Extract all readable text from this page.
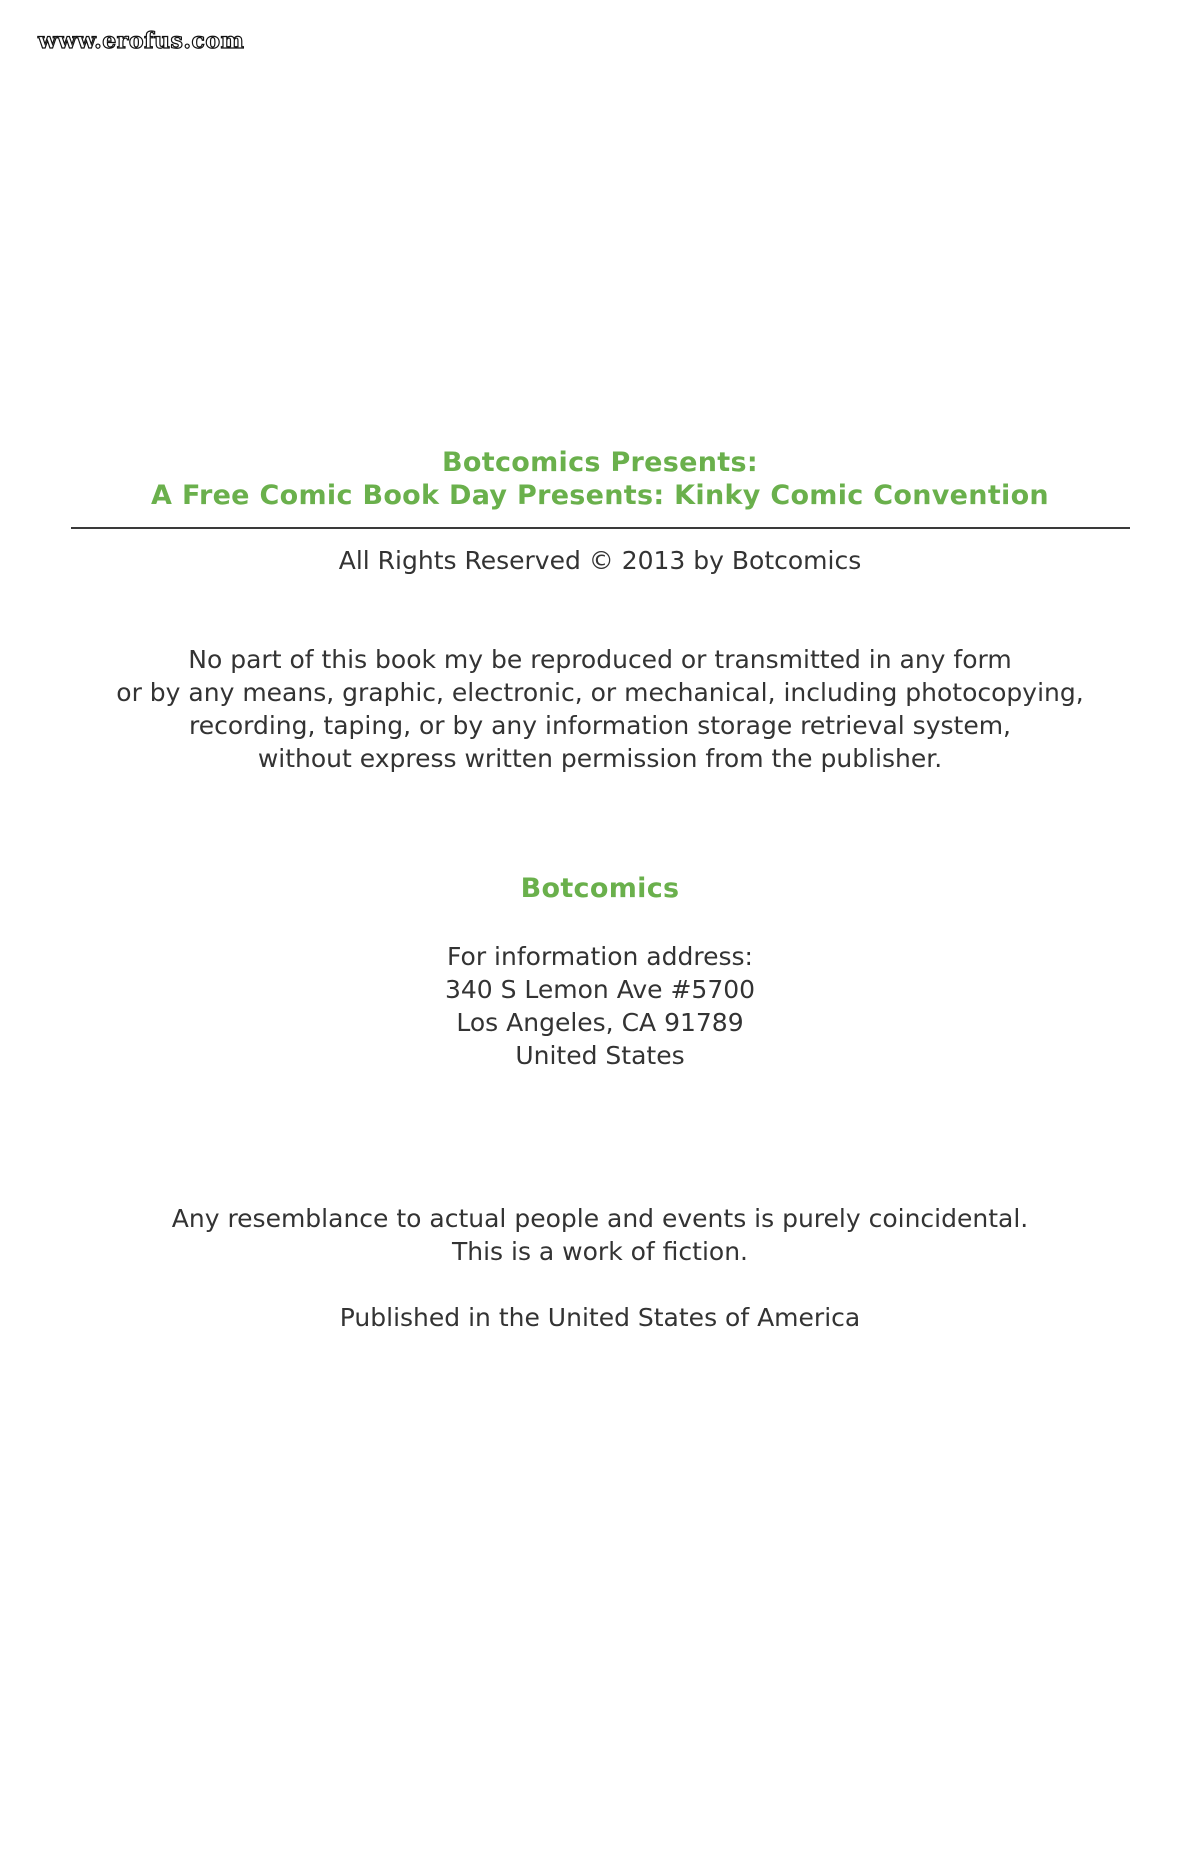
www.erofus.com
Botcomics Presents:
A Free Comic Book Day Presents: Kinky Comic Convention
All Rights Reserved © 2013 by Botcomics
No part of this book my be reproduced or transmitted in any form
or by any means, graphic, electronic, or mechanical, including photocopying,
recording, taping, or by any information storage retrieval system,
without express written permission from the publisher.
Botcomics
For information address:
340 S Lemon Ave #5700
Los Angeles, CA 91789
United States
Any resemblance to actual people and events is purely coincidental.
This is a work of fiction.
Published in the United States of America
